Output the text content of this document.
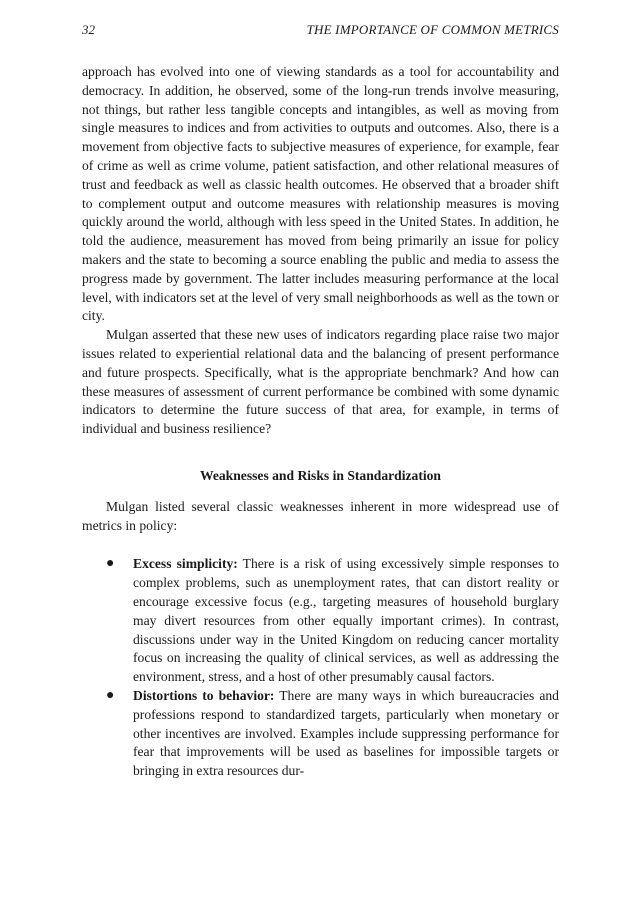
32	THE IMPORTANCE OF COMMON METRICS

approach has evolved into one of viewing standards as a tool for accountability and democracy. In addition, he observed, some of the long-run trends involve measuring, not things, but rather less tangible concepts and intangibles, as well as moving from single measures to indices and from activities to outputs and outcomes. Also, there is a movement from objective facts to subjective measures of experience, for example, fear of crime as well as crime volume, patient satisfaction, and other relational measures of trust and feedback as well as classic health outcomes. He observed that a broader shift to complement output and outcome measures with relationship measures is moving quickly around the world, although with less speed in the United States. In addition, he told the audience, measurement has moved from being primarily an issue for policy makers and the state to becoming a source enabling the public and media to assess the progress made by government. The latter includes measuring performance at the local level, with indicators set at the level of very small neighborhoods as well as the town or city.

Mulgan asserted that these new uses of indicators regarding place raise two major issues related to experiential relational data and the balancing of present performance and future prospects. Specifically, what is the appropriate benchmark? And how can these measures of assessment of current performance be combined with some dynamic indicators to determine the future success of that area, for example, in terms of individual and business resilience?

Weaknesses and Risks in Standardization

Mulgan listed several classic weaknesses inherent in more widespread use of metrics in policy:

● Excess simplicity: There is a risk of using excessively simple responses to complex problems, such as unemployment rates, that can distort reality or encourage excessive focus (e.g., targeting measures of household burglary may divert resources from other equally important crimes). In contrast, discussions under way in the United Kingdom on reducing cancer mortality focus on increasing the quality of clinical services, as well as addressing the environment, stress, and a host of other presumably causal factors.
● Distortions to behavior: There are many ways in which bureaucracies and professions respond to standardized targets, particularly when monetary or other incentives are involved. Examples include suppressing performance for fear that improvements will be used as baselines for impossible targets or bringing in extra resources dur-
